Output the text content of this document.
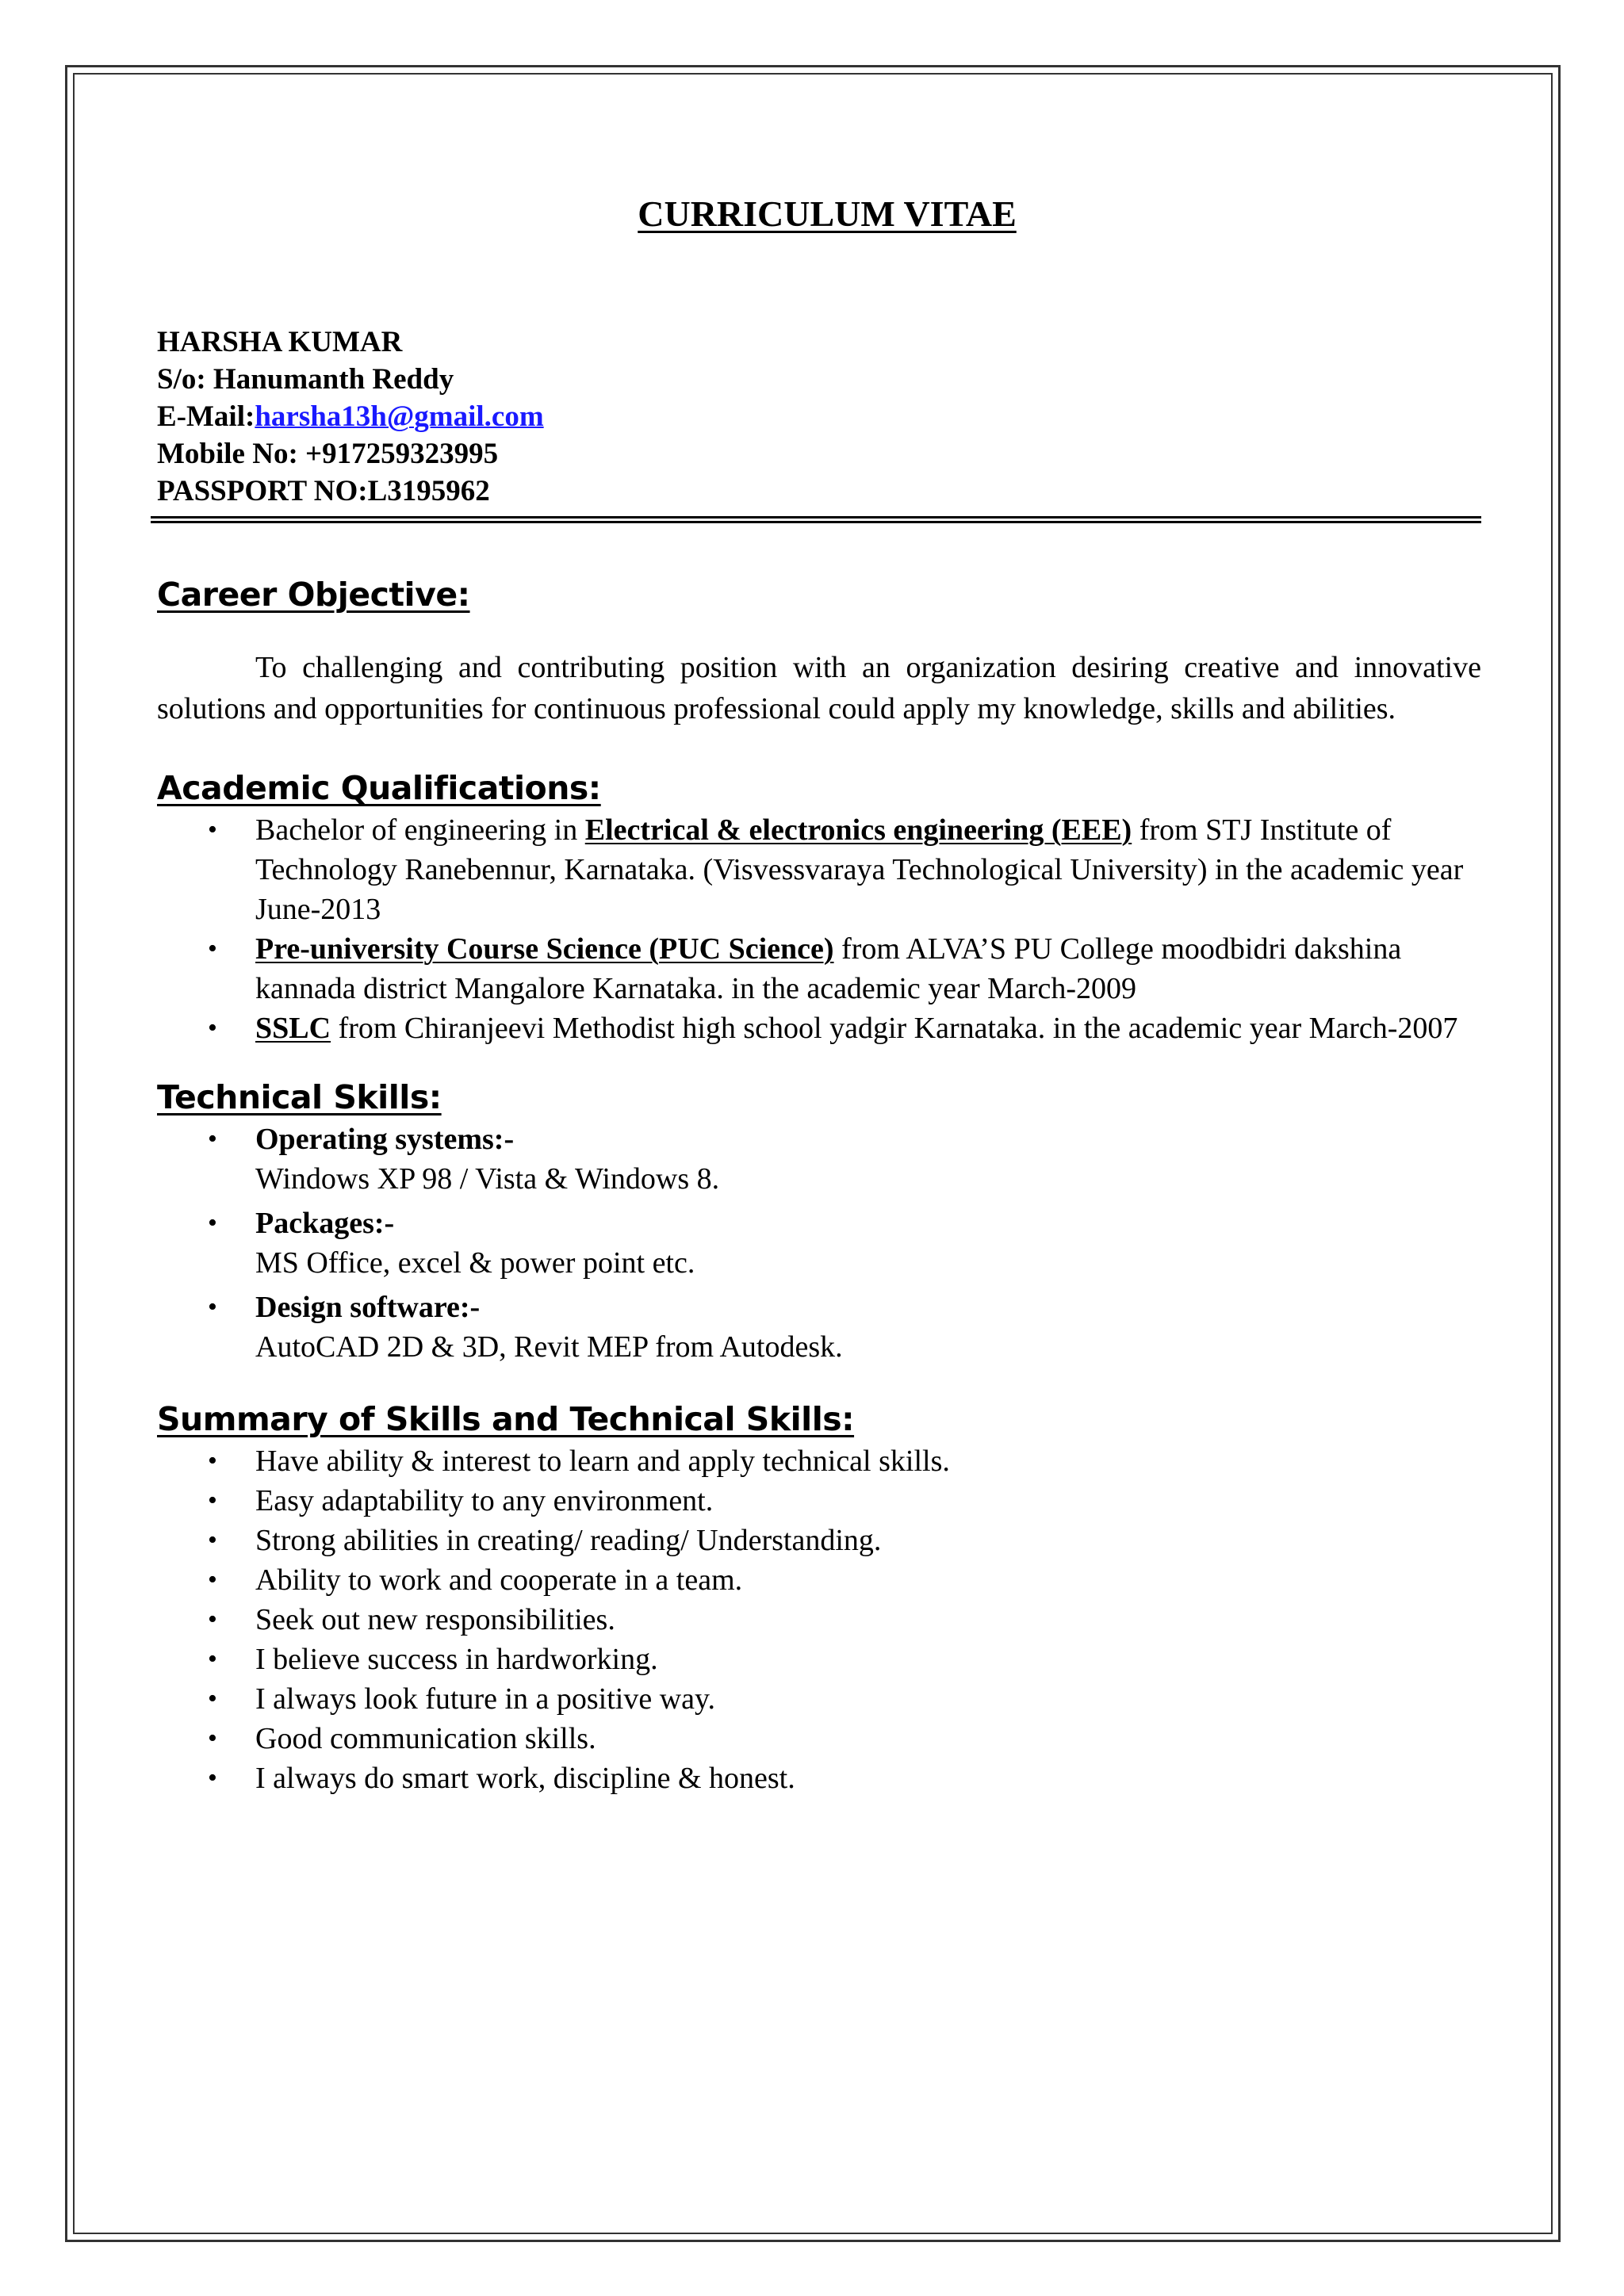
CURRICULUM VITAE
HARSHA KUMAR
S/o: Hanumanth Reddy
E-Mail:harsha13h@gmail.com
Mobile No: +917259323995
PASSPORT NO:L3195962
Career Objective:

To challenging and contributing position with an organization desiring creative and innovative solutions and opportunities for continuous professional could apply my knowledge, skills and abilities.

Academic Qualifications:
• Bachelor of engineering in Electrical & electronics engineering (EEE) from STJ Institute of Technology Ranebennur, Karnataka. (Visvessvaraya Technological University) in the academic year June-2013
• Pre-university Course Science (PUC Science) from ALVA’S PU College moodbidri dakshina kannada district Mangalore Karnataka. in the academic year March-2009
• SSLC from Chiranjeevi Methodist high school yadgir Karnataka. in the academic year March-2007
Technical Skills:
• Operating systems:-
Windows XP 98 / Vista & Windows 8.
• Packages:-
MS Office, excel & power point etc.
• Design software:-
AutoCAD 2D & 3D, Revit MEP from Autodesk.
Summary of Skills and Technical Skills:
• Have ability & interest to learn and apply technical skills.
• Easy adaptability to any environment.
• Strong abilities in creating/ reading/ Understanding.
• Ability to work and cooperate in a team.
• Seek out new responsibilities.
• I believe success in hardworking.
• I always look future in a positive way.
• Good communication skills.
• I always do smart work, discipline & honest.
